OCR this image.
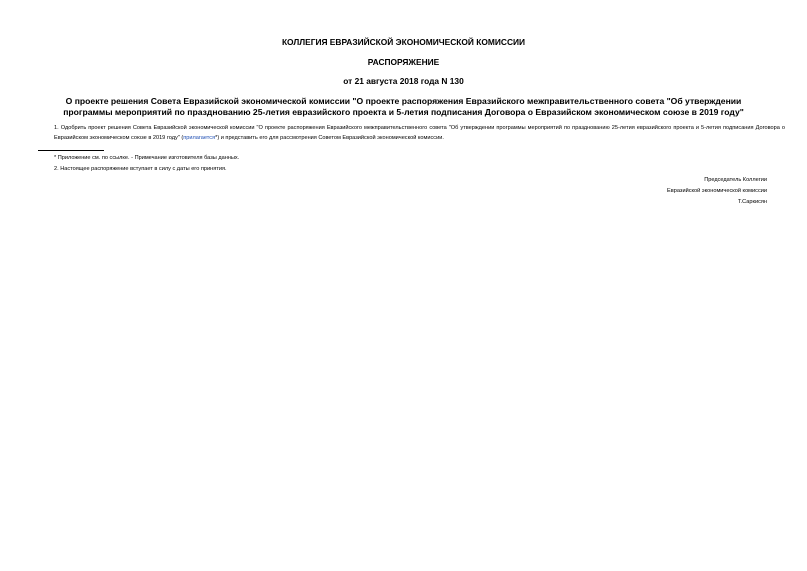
КОЛЛЕГИЯ ЕВРАЗИЙСКОЙ ЭКОНОМИЧЕСКОЙ КОМИССИИ

РАСПОРЯЖЕНИЕ

от 21 августа 2018 года N 130

О проекте решения Совета Евразийской экономической комиссии "О проекте распоряжения Евразийского межправительственного совета "Об утверждении программы мероприятий по празднованию 25-летия евразийского проекта и 5-летия подписания Договора о Евразийском экономическом союзе в 2019 году"

1. Одобрить проект решения Совета Евразийской экономической комиссии "О проекте распоряжения Евразийского межправительственного совета "Об утверждении программы мероприятий по празднованию 25-летия евразийского проекта и 5-летия подписания Договора о Евразийском экономическом союзе в 2019 году" (прилагается*) и представить его для рассмотрения Советом Евразийской экономической комиссии.

* Приложение см. по ссылке. - Примечание изготовителя базы данных.

2. Настоящее распоряжение вступает в силу с даты его принятия.

Председатель Коллегии

Евразийской экономической комиссии

Т.Саркисян
